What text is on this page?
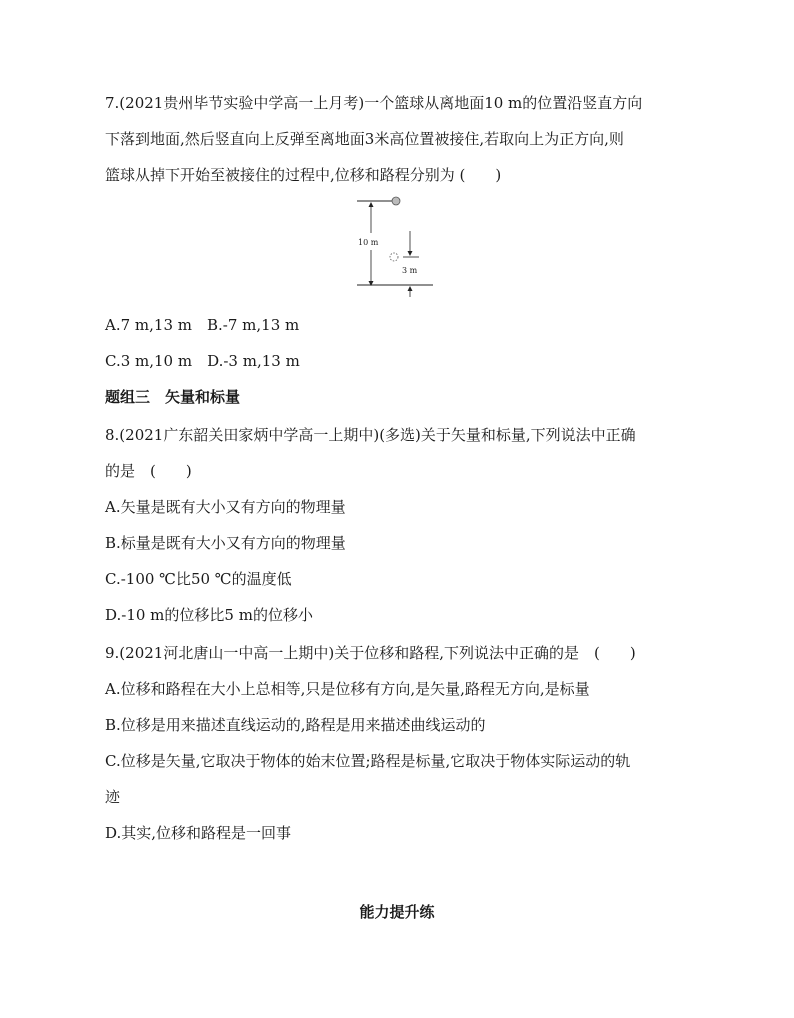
7.(2021贵州毕节实验中学高一上月考)一个篮球从离地面10 m的位置沿竖直方向
下落到地面,然后竖直向上反弹至离地面3米高位置被接住,若取向上为正方向,则
篮球从掉下开始至被接住的过程中,位移和路程分别为 (　　)
10 m
3 m
A.7 m,13 m　B.-7 m,13 m
C.3 m,10 m　D.-3 m,13 m
题组三　矢量和标量
8.(2021广东韶关田家炳中学高一上期中)(多选)关于矢量和标量,下列说法中正确
的是　(　　)
A.矢量是既有大小又有方向的物理量
B.标量是既有大小又有方向的物理量
C.-100 ℃比50 ℃的温度低
D.-10 m的位移比5 m的位移小
9.(2021河北唐山一中高一上期中)关于位移和路程,下列说法中正确的是　(　　)
A.位移和路程在大小上总相等,只是位移有方向,是矢量,路程无方向,是标量
B.位移是用来描述直线运动的,路程是用来描述曲线运动的
C.位移是矢量,它取决于物体的始末位置;路程是标量,它取决于物体实际运动的轨
迹
D.其实,位移和路程是一回事
能力提升练
